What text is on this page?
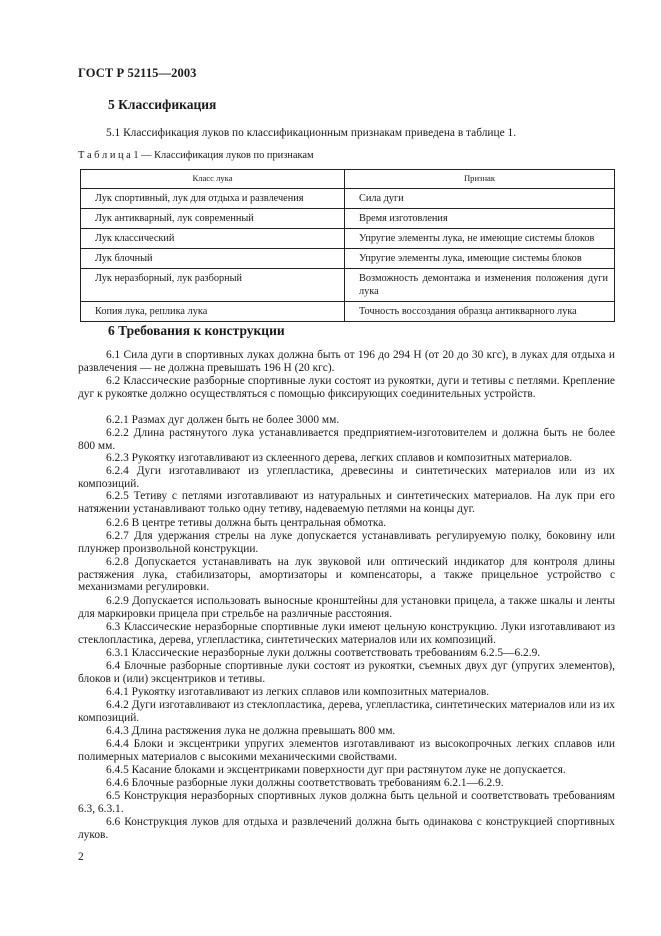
ГОСТ Р 52115—2003
5 Классификация
5.1 Классификация луков по классификационным признакам приведена в таблице 1.
Т а б л и ц а 1 — Классификация луков по признакам
Класс лука	Признак
Лук спортивный, лук для отдыха и развлечения	Сила дуги
Лук антикварный, лук современный	Время изготовления
Лук классический	Упругие элементы лука, не имеющие системы блоков
Лук блочный	Упругие элементы лука, имеющие системы блоков
Лук неразборный, лук разборный	Возможность демонтажа и изменения положения дуги лука
Копия лука, реплика лука	Точность воссоздания образца антикварного лука
6 Требования к конструкции
6.1 Сила дуги в спортивных луках должна быть от 196 до 294 Н (от 20 до 30 кгс), в луках для отдыха и развлечения — не должна превышать 196 Н (20 кгс).
6.2 Классические разборные спортивные луки состоят из рукоятки, дуги и тетивы с петлями. Крепление дуг к рукоятке должно осуществляться с помощью фиксирующих соединительных устройств.
6.2.1 Размах дуг должен быть не более 3000 мм.
6.2.2 Длина растянутого лука устанавливается предприятием-изготовителем и должна быть не более 800 мм.
6.2.3 Рукоятку изготавливают из склеенного дерева, легких сплавов и композитных материалов.
6.2.4 Дуги изготавливают из углепластика, древесины и синтетических материалов или из их композиций.
6.2.5 Тетиву с петлями изготавливают из натуральных и синтетических материалов. На лук при его натяжении устанавливают только одну тетиву, надеваемую петлями на концы дуг.
6.2.6 В центре тетивы должна быть центральная обмотка.
6.2.7 Для удержания стрелы на луке допускается устанавливать регулируемую полку, боковину или плунжер произвольной конструкции.
6.2.8 Допускается устанавливать на лук звуковой или оптический индикатор для контроля длины растяжения лука, стабилизаторы, амортизаторы и компенсаторы, а также прицельное устройство с механизмами регулировки.
6.2.9 Допускается использовать выносные кронштейны для установки прицела, а также шкалы и ленты для маркировки прицела при стрельбе на различные расстояния.
6.3 Классические неразборные спортивные луки имеют цельную конструкцию. Луки изготавливают из стеклопластика, дерева, углепластика, синтетических материалов или их композиций.
6.3.1 Классические неразборные луки должны соответствовать требованиям 6.2.5—6.2.9.
6.4 Блочные разборные спортивные луки состоят из рукоятки, съемных двух дуг (упругих элементов), блоков и (или) эксцентриков и тетивы.
6.4.1 Рукоятку изготавливают из легких сплавов или композитных материалов.
6.4.2 Дуги изготавливают из стеклопластика, дерева, углепластика, синтетических материалов или из их композиций.
6.4.3 Длина растяжения лука не должна превышать 800 мм.
6.4.4 Блоки и эксцентрики упругих элементов изготавливают из высокопрочных легких сплавов или полимерных материалов с высокими механическими свойствами.
6.4.5 Касание блоками и эксцентриками поверхности дуг при растянутом луке не допускается.
6.4.6 Блочные разборные луки должны соответствовать требованиям 6.2.1—6.2.9.
6.5 Конструкция неразборных спортивных луков должна быть цельной и соответствовать требованиям 6.3, 6.3.1.
6.6 Конструкция луков для отдыха и развлечений должна быть одинакова с конструкцией спортивных луков.
2
